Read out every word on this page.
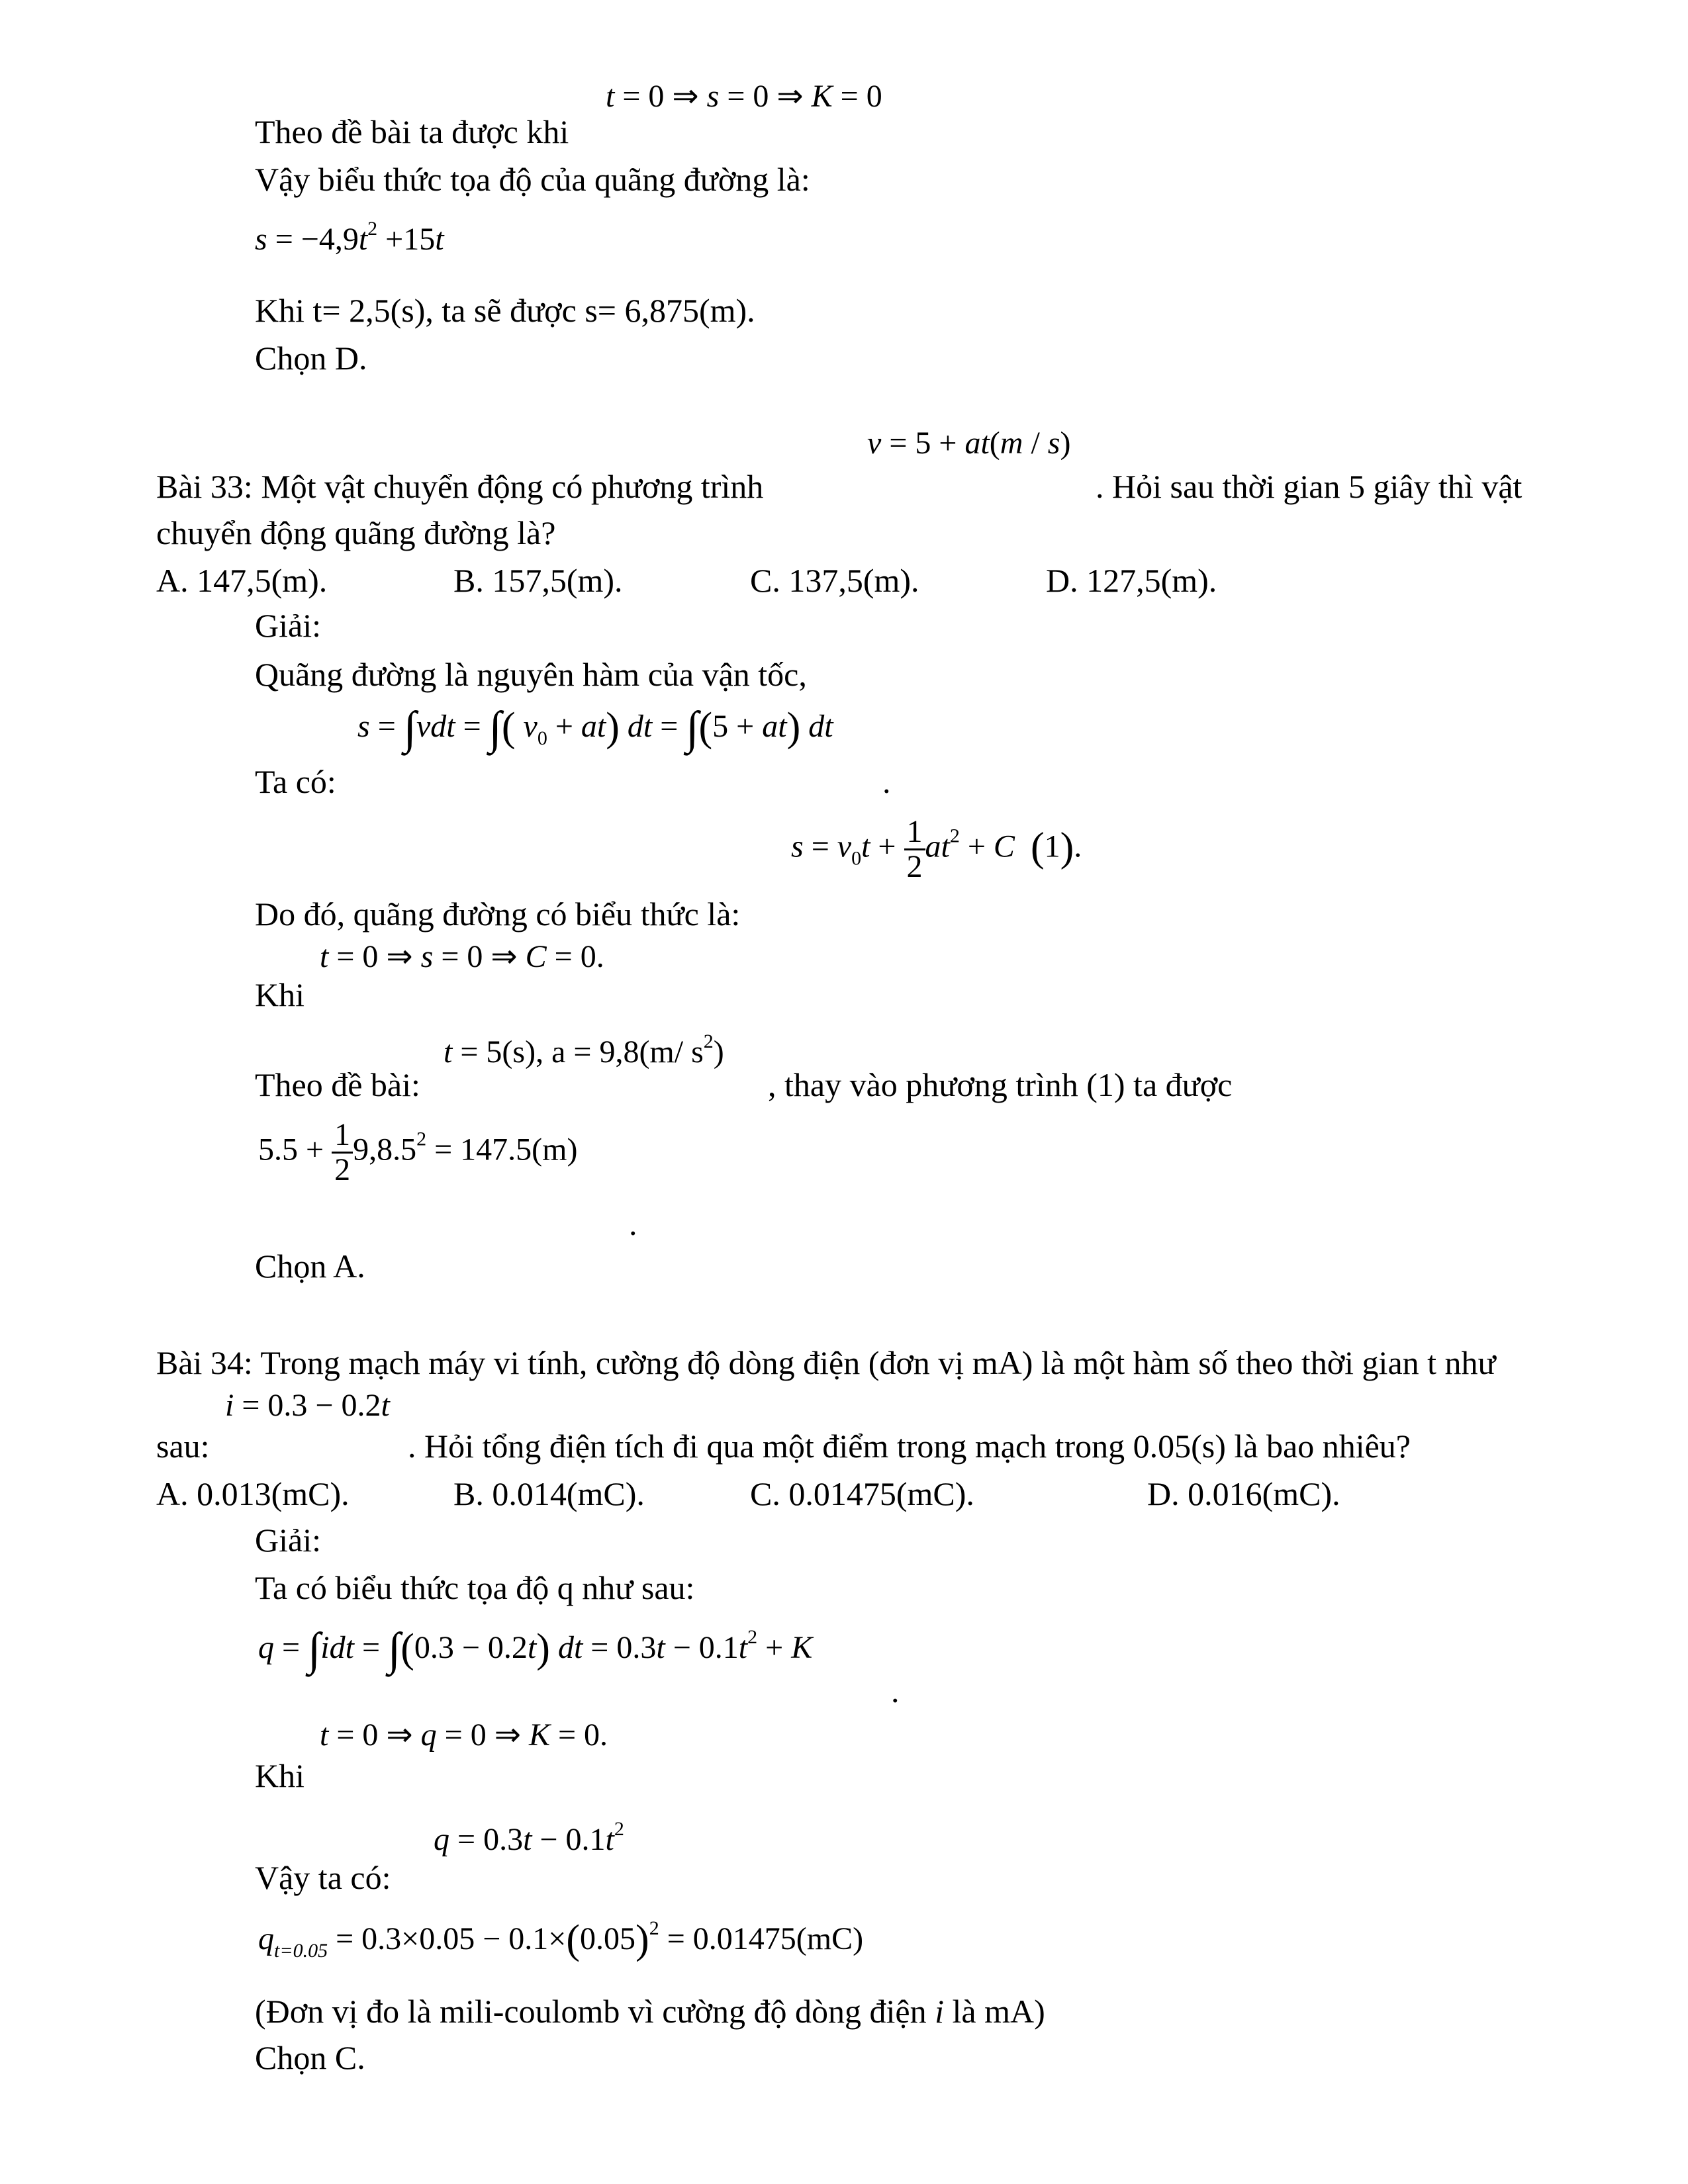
t = 0 ⇒ s = 0 ⇒ K = 0
Theo đề bài ta được khi
Vậy biểu thức tọa độ của quãng đường là:
$s = -4,9t^2 +15t$
Khi t= 2,5(s), ta sẽ được s= 6,875(m).
Chọn D.
v = 5 + at(m / s)
Bài 33: Một vật chuyển động có phương trình	. Hỏi sau thời gian 5 giây thì vật
chuyển động quãng đường là?
A. 147,5(m).	B. 157,5(m).	C. 137,5(m).	D. 127,5(m).
Giải:
Quãng đường là nguyên hàm của vận tốc,
s = ∫vdt = ∫( $v_0 + at$) dt = ∫(5 + at) dt
Ta có:	.
$s = v_0t + \frac{1}{2} at^2 + C$ (1).
Do đó, quãng đường có biểu thức là:
t = 0 ⇒ s = 0 ⇒ C = 0.
Khi
t = 5(s), a = 9,8(m/ $s^2$)
Theo đề bài:	, thay vào phương trình (1) ta được
$5.5 + \frac{1}{2} 9,8.5^2 = 147.5(m)$
.
Chọn A.
Bài 34: Trong mạch máy vi tính, cường độ dòng điện (đơn vị mA) là một hàm số theo thời gian t như
i = 0.3 − 0.2t
sau:	. Hỏi tổng điện tích đi qua một điểm trong mạch trong 0.05(s) là bao nhiêu?
A. 0.013(mC).	B. 0.014(mC).	C. 0.01475(mC).	D. 0.016(mC).
Giải:
Ta có biểu thức tọa độ q như sau:
q = ∫idt = ∫(0.3 − 0.2t) dt = $0.3t - 0.1t^2 + K$
.
t = 0 ⇒ q = 0 ⇒ K = 0.
Khi
$q = 0.3t - 0.1t^2$
Vậy ta có:
$q_{t=0.05} = 0.3\times 0.05 - 0.1\times(0.05)^2 = 0.01475(mC)$
(Đơn vị đo là mili-coulomb vì cường độ dòng điện i là mA)
Chọn C.
